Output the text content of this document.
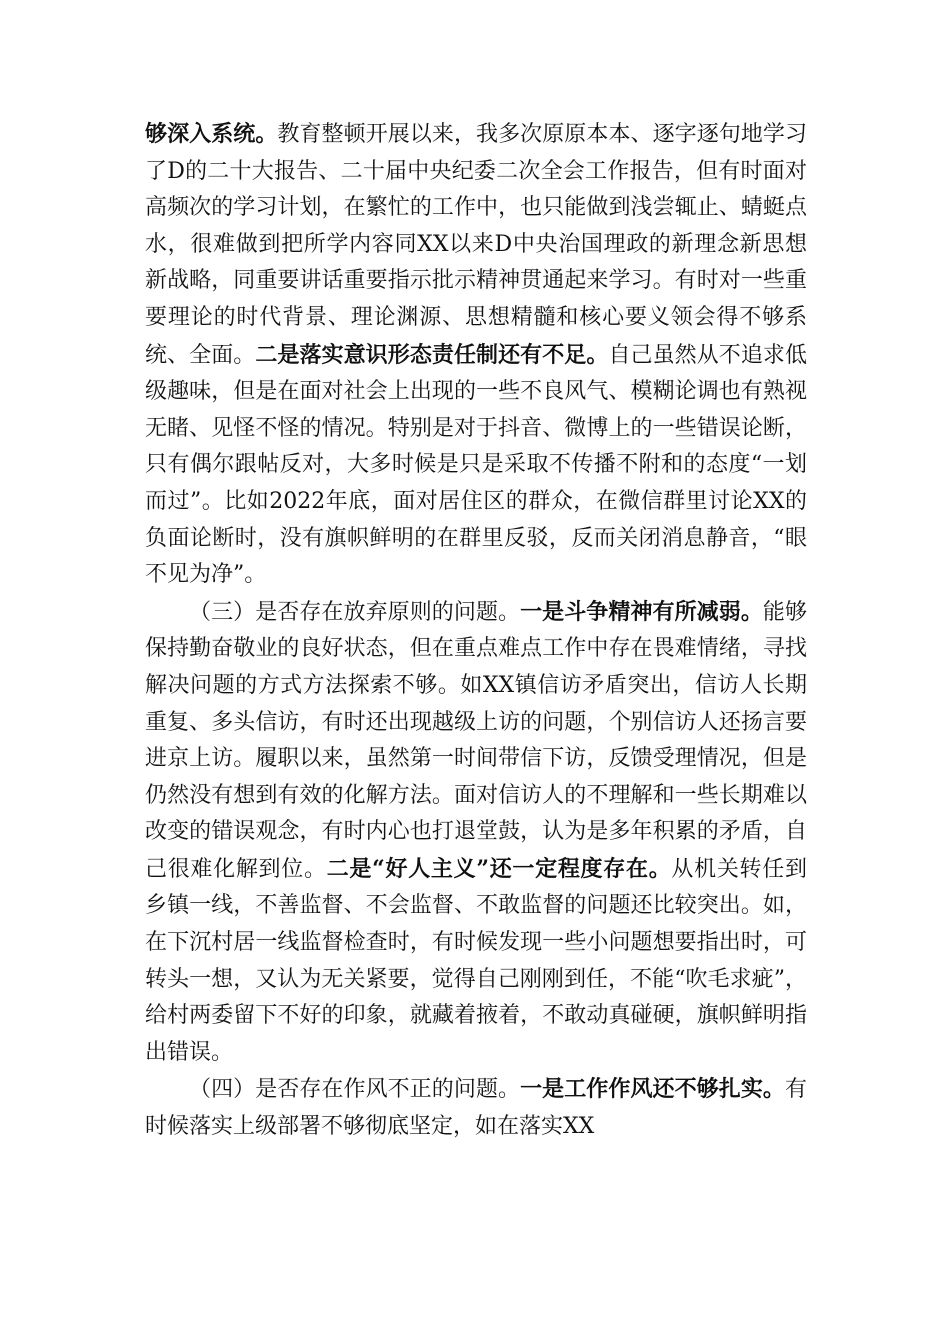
够深入系统。教育整顿开展以来，我多次原原本本、逐字逐句地学习了D的二十大报告、二十届中央纪委二次全会工作报告，但有时面对高频次的学习计划，在繁忙的工作中，也只能做到浅尝辄止、蜻蜓点水，很难做到把所学内容同XX以来D中央治国理政的新理念新思想新战略，同重要讲话重要指示批示精神贯通起来学习。有时对一些重要理论的时代背景、理论渊源、思想精髓和核心要义领会得不够系统、全面。二是落实意识形态责任制还有不足。自己虽然从不追求低级趣味，但是在面对社会上出现的一些不良风气、模糊论调也有熟视无睹、见怪不怪的情况。特别是对于抖音、微博上的一些错误论断，只有偶尔跟帖反对，大多时候是只是采取不传播不附和的态度“一划而过”。比如2022年底，面对居住区的群众，在微信群里讨论XX的负面论断时，没有旗帜鲜明的在群里反驳，反而关闭消息静音，“眼不见为净”。

（三）是否存在放弃原则的问题。一是斗争精神有所减弱。能够保持勤奋敬业的良好状态，但在重点难点工作中存在畏难情绪，寻找解决问题的方式方法探索不够。如XX镇信访矛盾突出，信访人长期重复、多头信访，有时还出现越级上访的问题，个别信访人还扬言要进京上访。履职以来，虽然第一时间带信下访，反馈受理情况，但是仍然没有想到有效的化解方法。面对信访人的不理解和一些长期难以改变的错误观念，有时内心也打退堂鼓，认为是多年积累的矛盾，自己很难化解到位。二是“好人主义”还一定程度存在。从机关转任到乡镇一线，不善监督、不会监督、不敢监督的问题还比较突出。如，在下沉村居一线监督检查时，有时候发现一些小问题想要指出时，可转头一想，又认为无关紧要，觉得自己刚刚到任，不能“吹毛求疵”，给村两委留下不好的印象，就藏着掖着，不敢动真碰硬，旗帜鲜明指出错误。

（四）是否存在作风不正的问题。一是工作作风还不够扎实。有时候落实上级部署不够彻底坚定，如在落实XX
